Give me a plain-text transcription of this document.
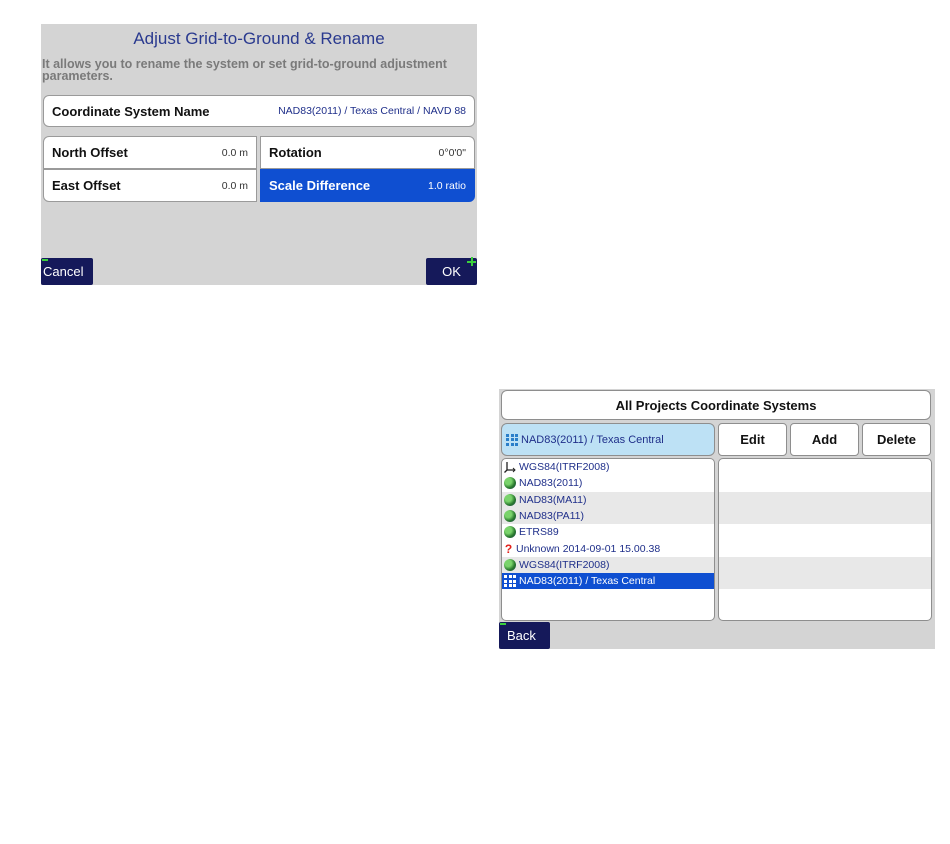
Adjust Grid-to-Ground & Rename
It allows you to rename the system or set grid-to-ground adjustment parameters.
Coordinate System Name	NAD83(2011) / Texas Central / NAVD 88
North Offset	0.0 m
East Offset	0.0 m
Rotation	0°0'0"
Scale Difference	1.0 ratio
Cancel	OK
All Projects Coordinate Systems
NAD83(2011) / Texas Central	Edit	Add	Delete
WGS84(ITRF2008)
NAD83(2011)
NAD83(MA11)
NAD83(PA11)
ETRS89
? Unknown 2014-09-01 15.00.38
WGS84(ITRF2008)
NAD83(2011) / Texas Central
Back
